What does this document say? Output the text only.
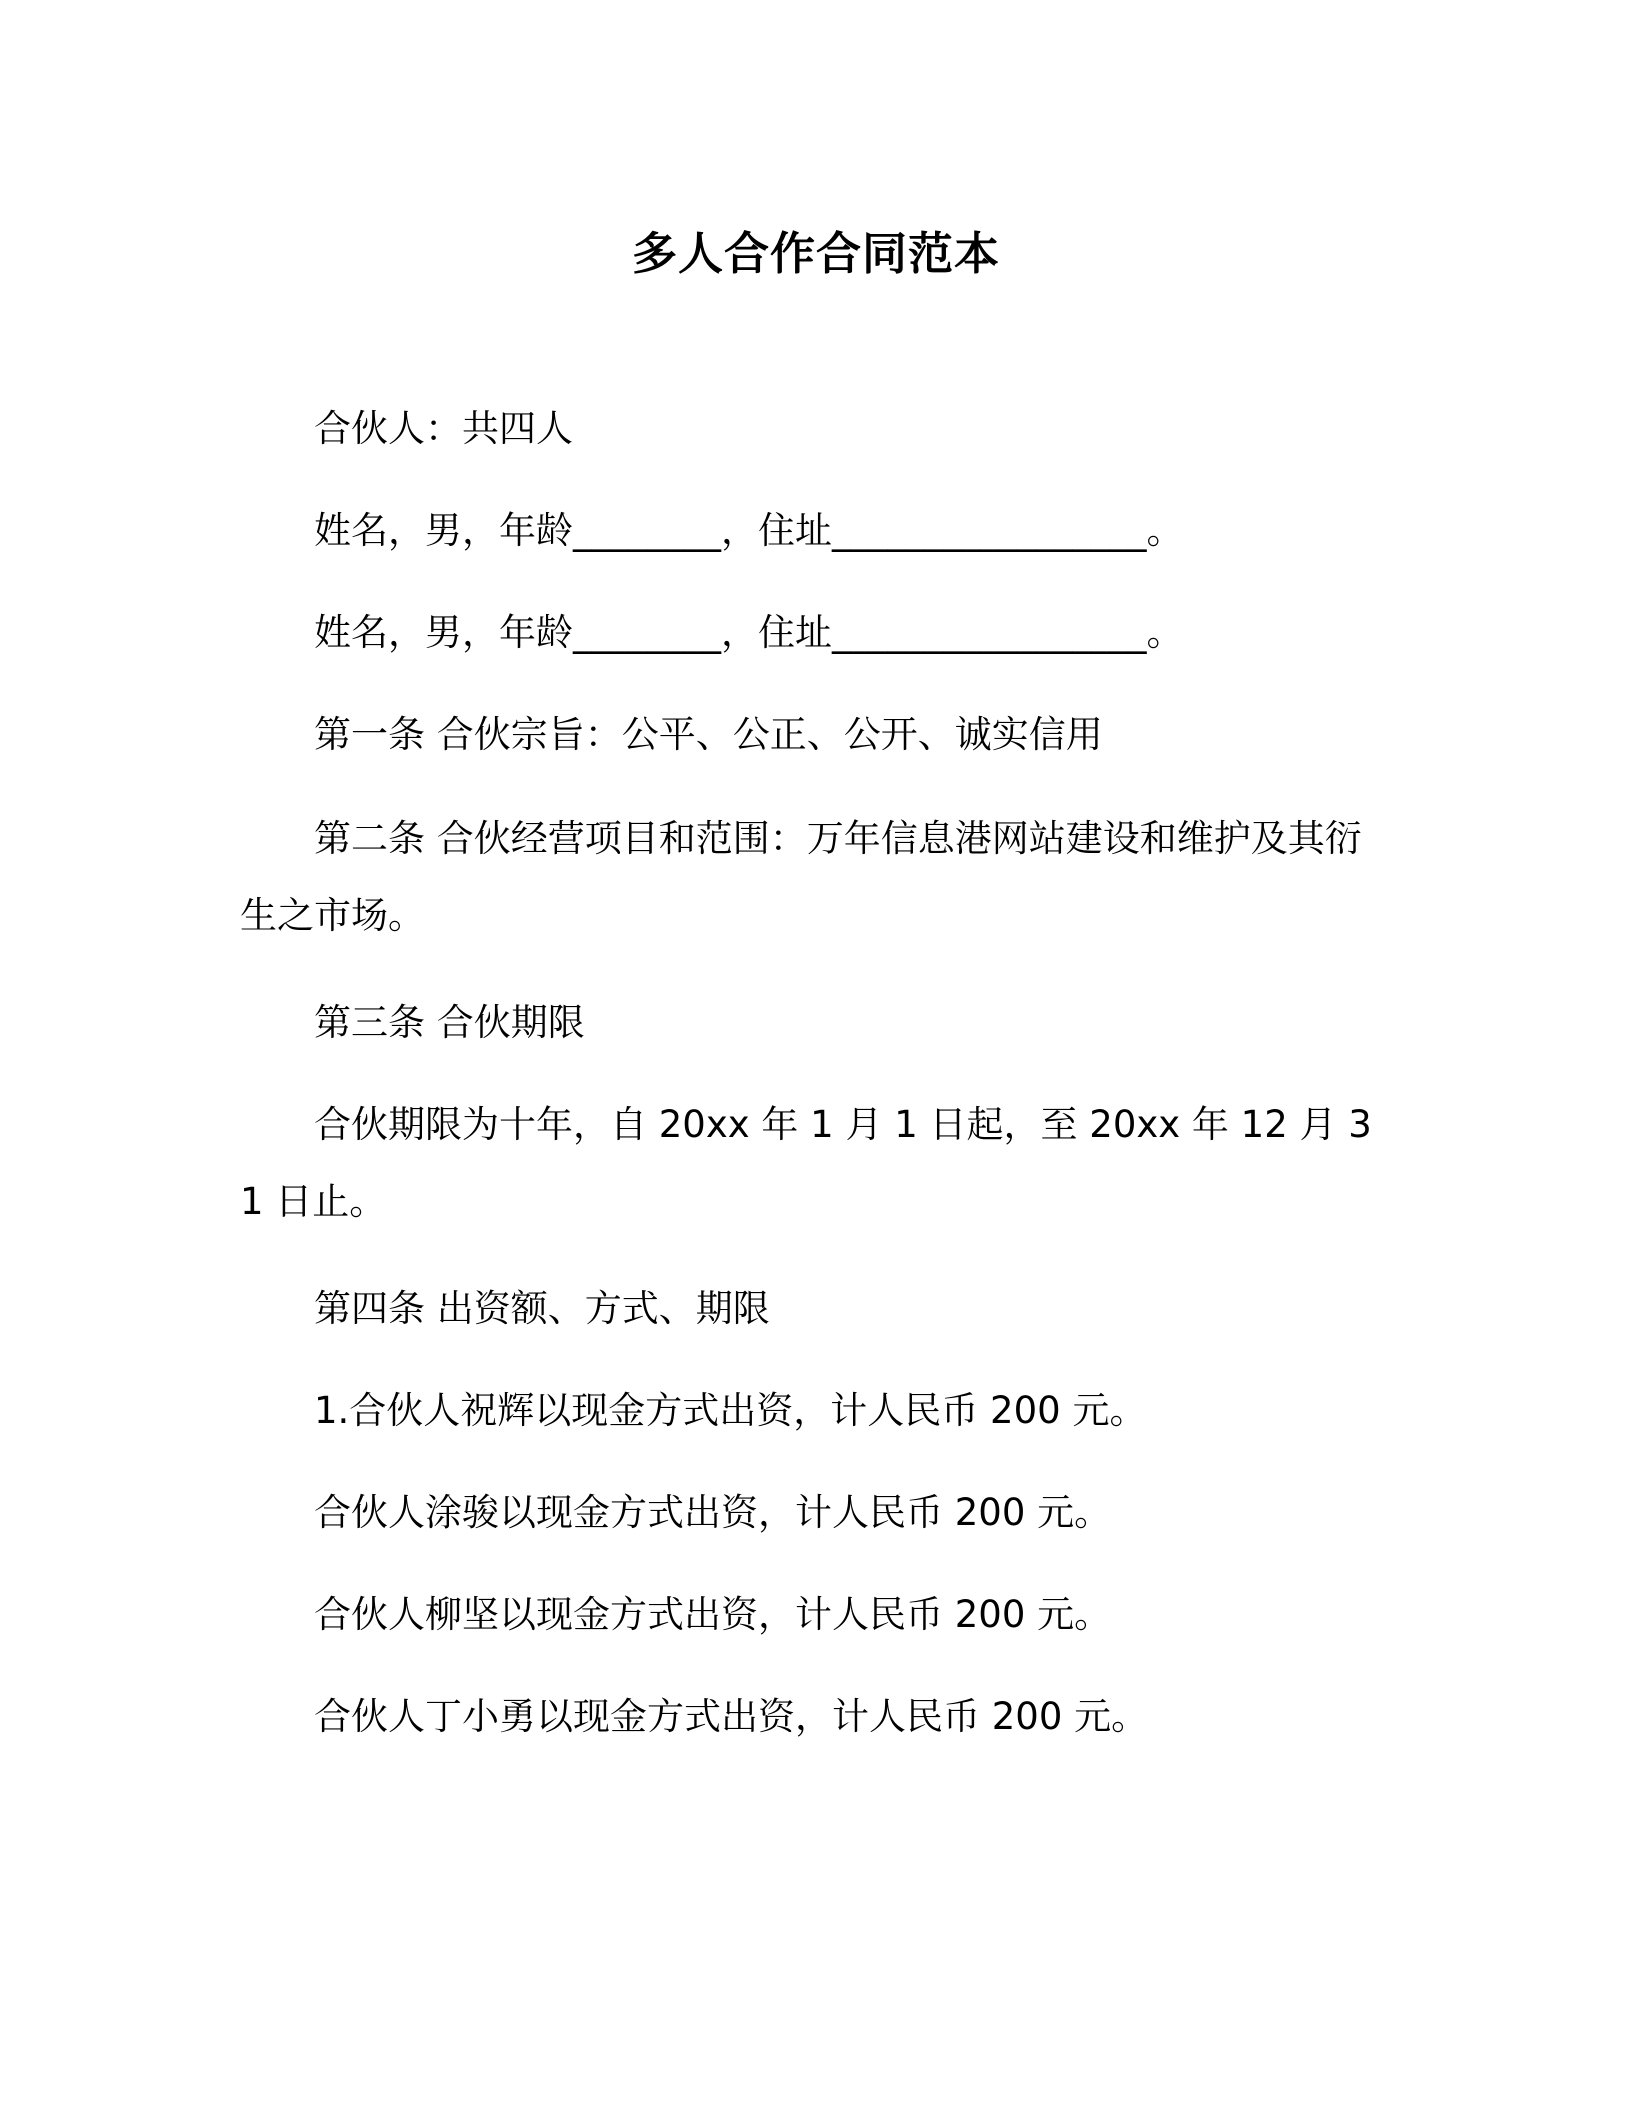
多人合作合同范本

合伙人：共四人

姓名，男，年龄________，住址_________________。

姓名，男，年龄________，住址_________________。

第一条 合伙宗旨：公平、公正、公开、诚实信用

第二条 合伙经营项目和范围：万年信息港网站建设和维护及其衍生之市场。

第三条 合伙期限

合伙期限为十年，自 20xx 年 1 月 1 日起，至 20xx 年 12 月 31 日止。

第四条 出资额、方式、期限

1.合伙人祝辉以现金方式出资，计人民币 200 元。

合伙人涂骏以现金方式出资，计人民币 200 元。

合伙人柳坚以现金方式出资，计人民币 200 元。

合伙人丁小勇以现金方式出资，计人民币 200 元。
